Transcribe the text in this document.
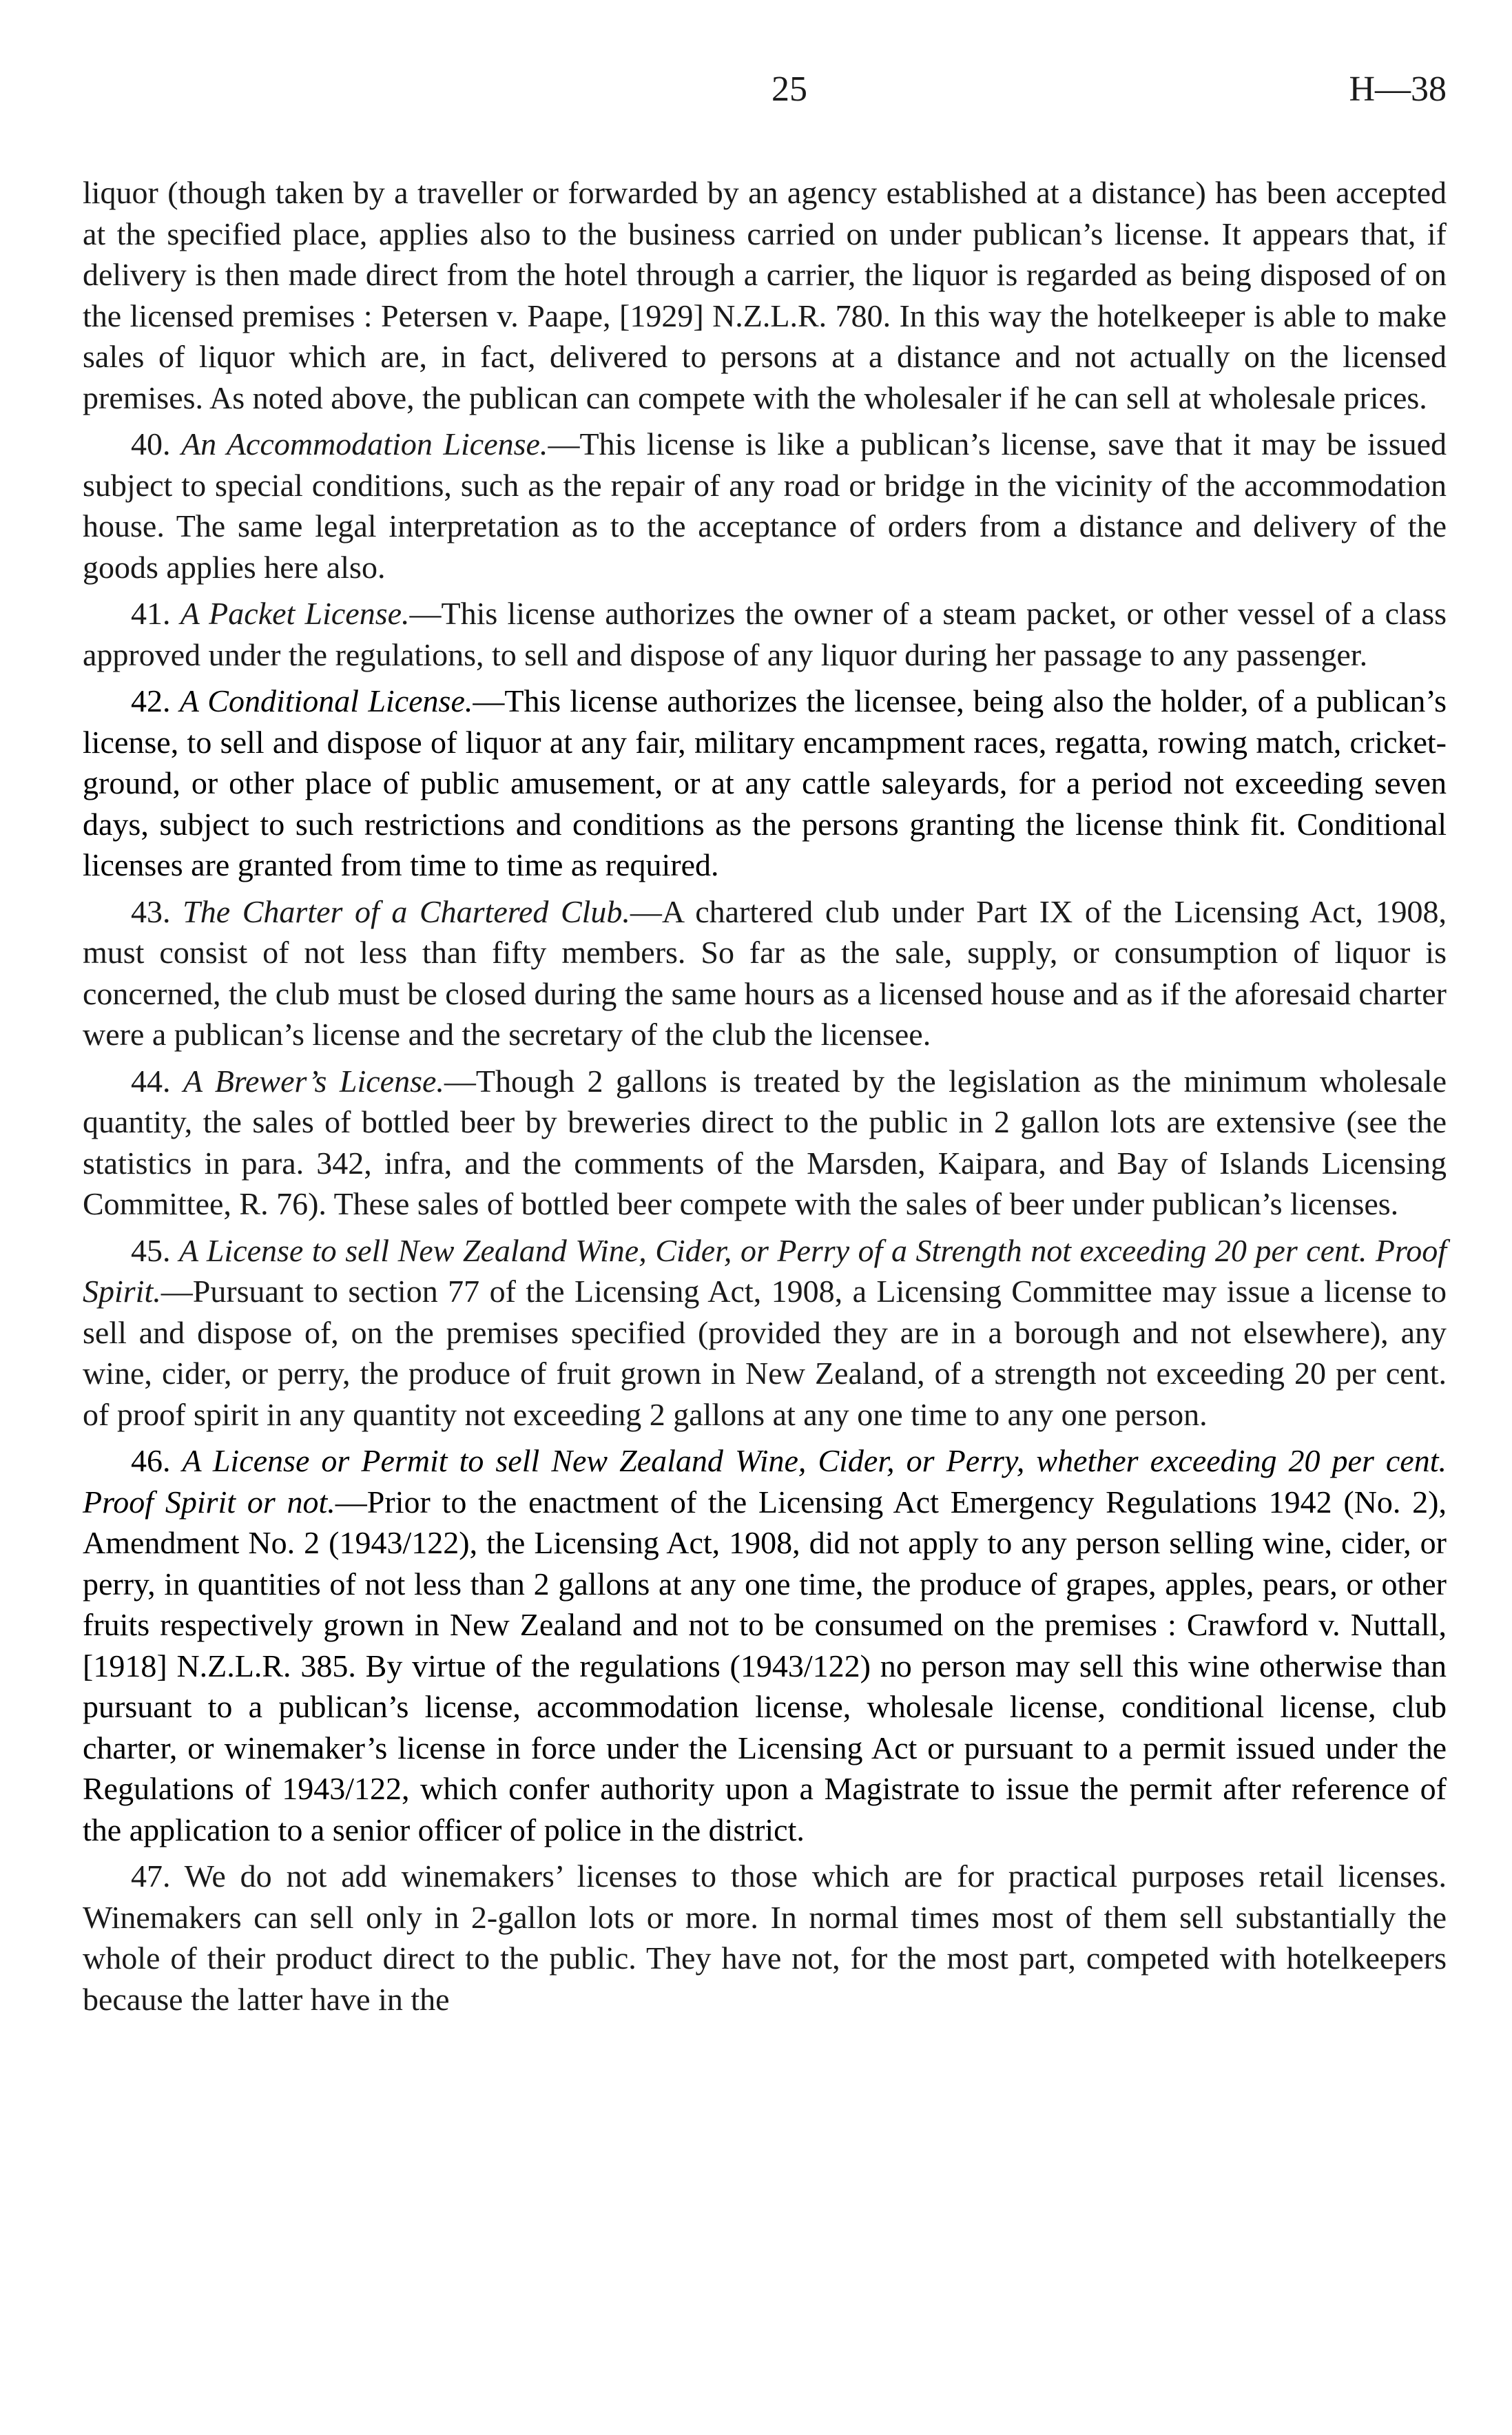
25	H—38

liquor (though taken by a traveller or forwarded by an agency established at a distance) has been accepted at the specified place, applies also to the business carried on under publican’s license. It appears that, if delivery is then made direct from the hotel through a carrier, the liquor is regarded as being disposed of on the licensed premises : Petersen v. Paape, [1929] N.Z.L.R. 780. In this way the hotelkeeper is able to make sales of liquor which are, in fact, delivered to persons at a distance and not actually on the licensed premises. As noted above, the publican can compete with the wholesaler if he can sell at wholesale prices.

40. An Accommodation License.—This license is like a publican’s license, save that it may be issued subject to special conditions, such as the repair of any road or bridge in the vicinity of the accommodation house. The same legal interpretation as to the acceptance of orders from a distance and delivery of the goods applies here also.

41. A Packet License.—This license authorizes the owner of a steam packet, or other vessel of a class approved under the regulations, to sell and dispose of any liquor during her passage to any passenger.

42. A Conditional License.—This license authorizes the licensee, being also the holder, of a publican’s license, to sell and dispose of liquor at any fair, military encampment races, regatta, rowing match, cricket-ground, or other place of public amusement, or at any cattle saleyards, for a period not exceeding seven days, subject to such restrictions and conditions as the persons granting the license think fit. Conditional licenses are granted from time to time as required.

43. The Charter of a Chartered Club.—A chartered club under Part IX of the Licensing Act, 1908, must consist of not less than fifty members. So far as the sale, supply, or consumption of liquor is concerned, the club must be closed during the same hours as a licensed house and as if the aforesaid charter were a publican’s license and the secretary of the club the licensee.

44. A Brewer’s License.—Though 2 gallons is treated by the legislation as the minimum wholesale quantity, the sales of bottled beer by breweries direct to the public in 2 gallon lots are extensive (see the statistics in para. 342, infra, and the comments of the Marsden, Kaipara, and Bay of Islands Licensing Committee, R. 76). These sales of bottled beer compete with the sales of beer under publican’s licenses.

45. A License to sell New Zealand Wine, Cider, or Perry of a Strength not exceeding 20 per cent. Proof Spirit.—Pursuant to section 77 of the Licensing Act, 1908, a Licensing Committee may issue a license to sell and dispose of, on the premises specified (provided they are in a borough and not elsewhere), any wine, cider, or perry, the produce of fruit grown in New Zealand, of a strength not exceeding 20 per cent. of proof spirit in any quantity not exceeding 2 gallons at any one time to any one person.

46. A License or Permit to sell New Zealand Wine, Cider, or Perry, whether exceeding 20 per cent. Proof Spirit or not.—Prior to the enactment of the Licensing Act Emergency Regulations 1942 (No. 2), Amendment No. 2 (1943/122), the Licensing Act, 1908, did not apply to any person selling wine, cider, or perry, in quantities of not less than 2 gallons at any one time, the produce of grapes, apples, pears, or other fruits respectively grown in New Zealand and not to be consumed on the premises : Crawford v. Nuttall, [1918] N.Z.L.R. 385. By virtue of the regulations (1943/122) no person may sell this wine otherwise than pursuant to a publican’s license, accommodation license, wholesale license, conditional license, club charter, or winemaker’s license in force under the Licensing Act or pursuant to a permit issued under the Regulations of 1943/122, which confer authority upon a Magistrate to issue the permit after reference of the application to a senior officer of police in the district.

47. We do not add winemakers’ licenses to those which are for practical purposes retail licenses. Winemakers can sell only in 2-gallon lots or more. In normal times most of them sell substantially the whole of their product direct to the public. They have not, for the most part, competed with hotelkeepers because the latter have in the
